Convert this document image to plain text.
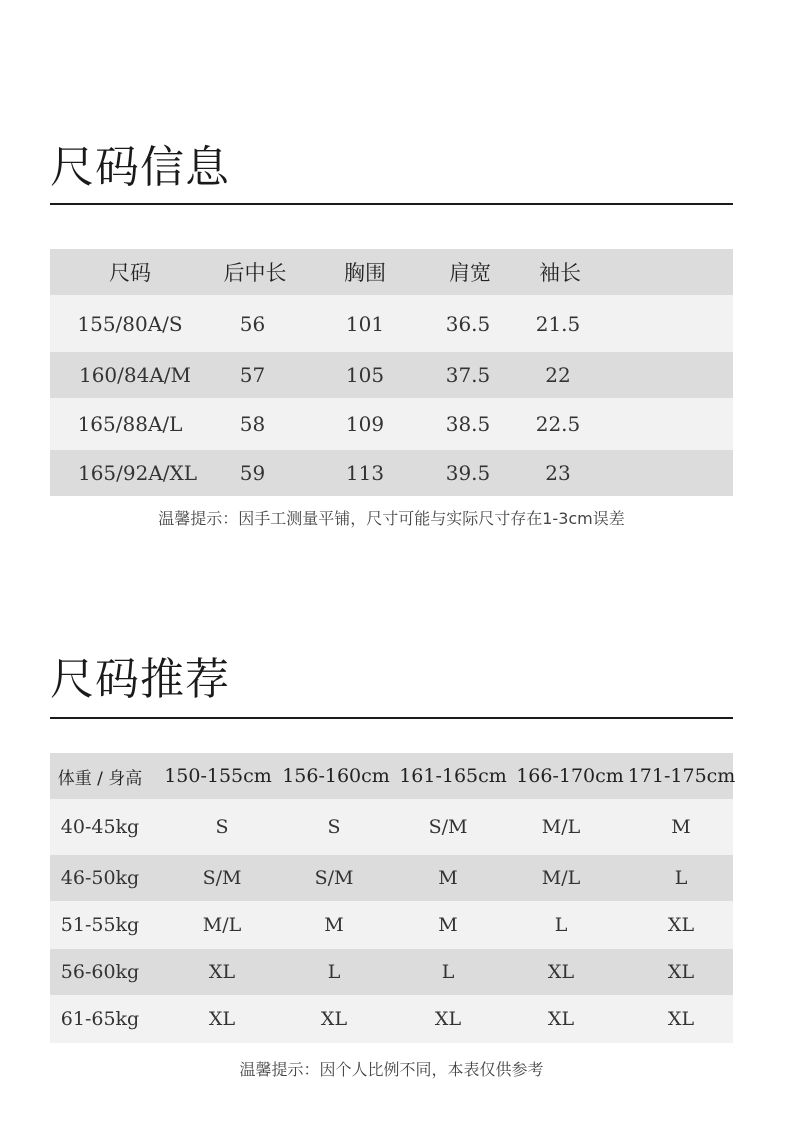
尺码信息
尺码	后中长	胸围	肩宽	袖长
155/80A/S	56	101	36.5	21.5
160/84A/M	57	105	37.5	22
165/88A/L	58	109	38.5	22.5
165/92A/XL	59	113	39.5	23
温馨提示：因手工测量平铺，尺寸可能与实际尺寸存在1-3cm误差
尺码推荐
体重 / 身高	150-155cm 156-160cm 161-165cm 166-170cm 171-175cm
40-45kg	S	S	S/M	M/L	M
46-50kg	S/M	S/M	M	M/L	L
51-55kg	M/L	M	M	L	XL
56-60kg	XL	L	L	XL	XL
61-65kg	XL	XL	XL	XL	XL
温馨提示：因个人比例不同，本表仅供参考
